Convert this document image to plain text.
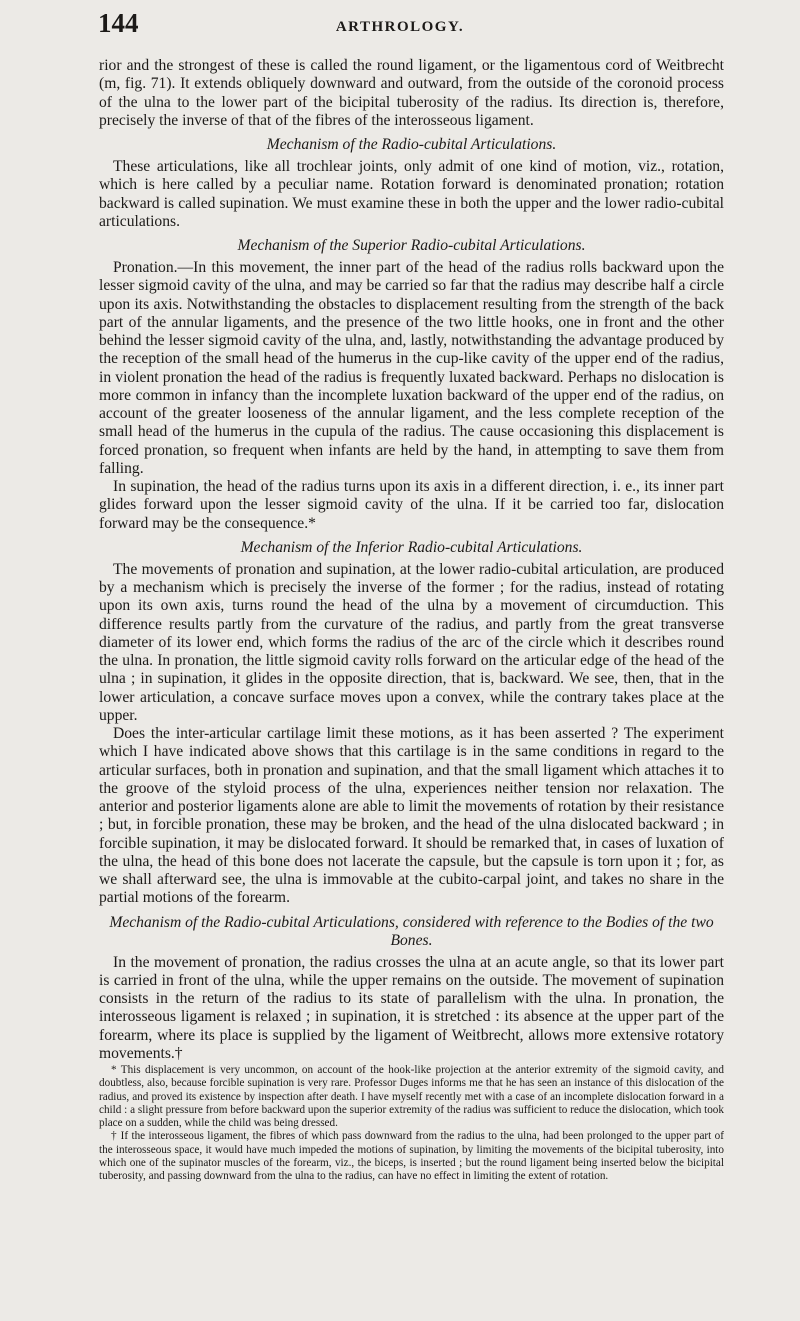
144	ARTHROLOGY.

rior and the strongest of these is called the round ligament, or the ligamentous cord of Weitbrecht (m, fig. 71). It extends obliquely downward and outward, from the outside of the coronoid process of the ulna to the lower part of the bicipital tuberosity of the radius. Its direction is, therefore, precisely the inverse of that of the fibres of the interosseous ligament.

Mechanism of the Radio-cubital Articulations.

These articulations, like all trochlear joints, only admit of one kind of motion, viz., rotation, which is here called by a peculiar name. Rotation forward is denominated pronation; rotation backward is called supination. We must examine these in both the upper and the lower radio-cubital articulations.

Mechanism of the Superior Radio-cubital Articulations.

Pronation.—In this movement, the inner part of the head of the radius rolls backward upon the lesser sigmoid cavity of the ulna, and may be carried so far that the radius may describe half a circle upon its axis. Notwithstanding the obstacles to displacement resulting from the strength of the back part of the annular ligaments, and the presence of the two little hooks, one in front and the other behind the lesser sigmoid cavity of the ulna, and, lastly, notwithstanding the advantage produced by the reception of the small head of the humerus in the cup-like cavity of the upper end of the radius, in violent pronation the head of the radius is frequently luxated backward. Perhaps no dislocation is more common in infancy than the incomplete luxation backward of the upper end of the radius, on account of the greater looseness of the annular ligament, and the less complete reception of the small head of the humerus in the cupula of the radius. The cause occasioning this displacement is forced pronation, so frequent when infants are held by the hand, in attempting to save them from falling.

In supination, the head of the radius turns upon its axis in a different direction, i. e., its inner part glides forward upon the lesser sigmoid cavity of the ulna. If it be carried too far, dislocation forward may be the consequence.*

Mechanism of the Inferior Radio-cubital Articulations.

The movements of pronation and supination, at the lower radio-cubital articulation, are produced by a mechanism which is precisely the inverse of the former ; for the radius, instead of rotating upon its own axis, turns round the head of the ulna by a movement of circumduction. This difference results partly from the curvature of the radius, and partly from the great transverse diameter of its lower end, which forms the radius of the arc of the circle which it describes round the ulna. In pronation, the little sigmoid cavity rolls forward on the articular edge of the head of the ulna ; in supination, it glides in the opposite direction, that is, backward. We see, then, that in the lower articulation, a concave surface moves upon a convex, while the contrary takes place at the upper.

Does the inter-articular cartilage limit these motions, as it has been asserted ? The experiment which I have indicated above shows that this cartilage is in the same conditions in regard to the articular surfaces, both in pronation and supination, and that the small ligament which attaches it to the groove of the styloid process of the ulna, experiences neither tension nor relaxation. The anterior and posterior ligaments alone are able to limit the movements of rotation by their resistance ; but, in forcible pronation, these may be broken, and the head of the ulna dislocated backward ; in forcible supination, it may be dislocated forward. It should be remarked that, in cases of luxation of the ulna, the head of this bone does not lacerate the capsule, but the capsule is torn upon it ; for, as we shall afterward see, the ulna is immovable at the cubito-carpal joint, and takes no share in the partial motions of the forearm.

Mechanism of the Radio-cubital Articulations, considered with reference to the Bodies of the two Bones.

In the movement of pronation, the radius crosses the ulna at an acute angle, so that its lower part is carried in front of the ulna, while the upper remains on the outside. The movement of supination consists in the return of the radius to its state of parallelism with the ulna. In pronation, the interosseous ligament is relaxed ; in supination, it is stretched : its absence at the upper part of the forearm, where its place is supplied by the ligament of Weitbrecht, allows more extensive rotatory movements.†

* This displacement is very uncommon, on account of the hook-like projection at the anterior extremity of the sigmoid cavity, and doubtless, also, because forcible supination is very rare. Professor Duges informs me that he has seen an instance of this dislocation of the radius, and proved its existence by inspection after death. I have myself recently met with a case of an incomplete dislocation forward in a child : a slight pressure from before backward upon the superior extremity of the radius was sufficient to reduce the dislocation, which took place on a sudden, while the child was being dressed.

† If the interosseous ligament, the fibres of which pass downward from the radius to the ulna, had been prolonged to the upper part of the interosseous space, it would have much impeded the motions of supination, by limiting the movements of the bicipital tuberosity, into which one of the supinator muscles of the forearm, viz., the biceps, is inserted ; but the round ligament being inserted below the bicipital tuberosity, and passing downward from the ulna to the radius, can have no effect in limiting the extent of rotation.
